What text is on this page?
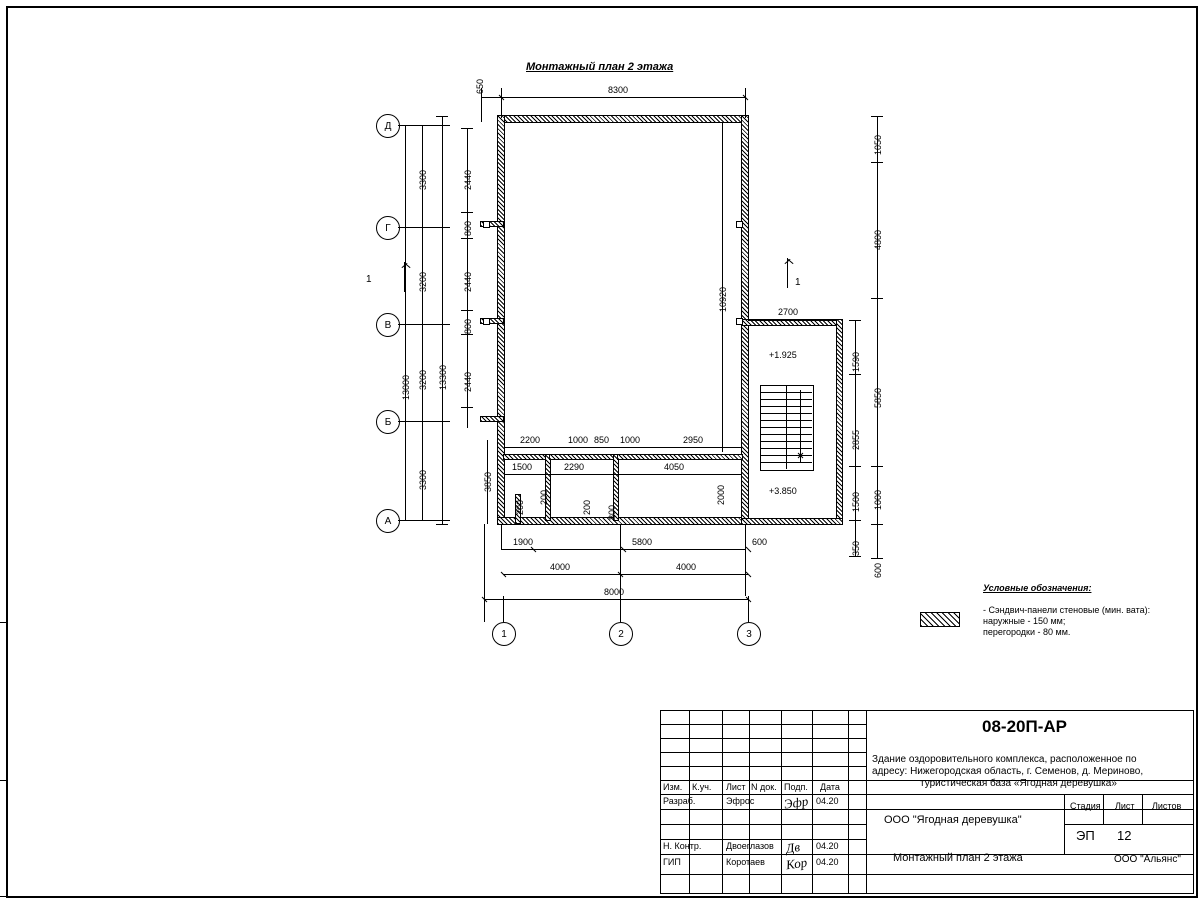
Монтажный план 2 этажа
Д
Г
В
Б
А
1	2	3
+1.925
+3.850
1	1
650	8300
3300
3200
3200
3300
13000	13300
2440
800
2440
800
2440
3850
1050
4800
5850
1000
600
1590
2855
1500
350
2700
10920
2200	1000 850 1000	2950
1500	2290	4050
200
200
200 800
2000
1900	5800	600
4000	4000
8000	Условные обозначения:
- Сэндвич-панели стеновые (мин. вата):
наружные - 150 мм;
перегородки - 80 мм.
08-20П-АР
Здание оздоровительного комплекса, расположенное по
адресу: Нижегородская область, г. Семенов, д. Мериново,
туристическая база «Ягодная деревушка»
Изм. К.уч. Лист N док. Подп. Дата
Разраб.	Эфрос Эфр 04.20
Н. Контр.	Двоеглазов Дв 04.20
ГИП	Коротаев Кор 04.20
ООО "Ягодная деревушка"
Монтажный план 2 этажа	ООО "Альянс"
Стадия Лист Листов
ЭП 12
